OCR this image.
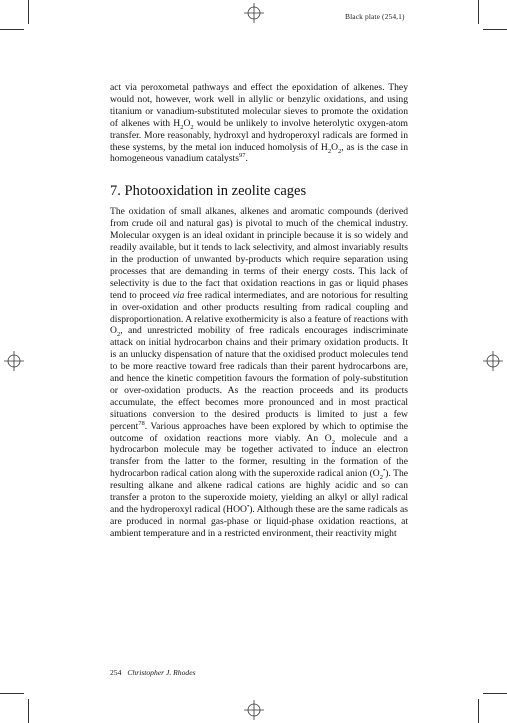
Black plate (254,1)

act via peroxometal pathways and effect the epoxidation of alkenes. They would not, however, work well in allylic or benzylic oxidations, and using titanium or vanadium-substituted molecular sieves to promote the oxidation of alkenes with $H_2O_2$ would be unlikely to involve heterolytic oxygen-atom transfer. More reasonably, hydroxyl and hydroperoxyl radicals are formed in these systems, by the metal ion induced homolysis of $H_2O_2$, as is the case in homogeneous vanadium catalysts$^{97}$.

7. Photooxidation in zeolite cages

The oxidation of small alkanes, alkenes and aromatic compounds (derived from crude oil and natural gas) is pivotal to much of the chemical industry. Molecular oxygen is an ideal oxidant in principle because it is so widely and readily available, but it tends to lack selectivity, and almost invariably results in the production of unwanted by-products which require separation using processes that are demanding in terms of their energy costs. This lack of selectivity is due to the fact that oxidation reactions in gas or liquid phases tend to proceed via free radical intermediates, and are notorious for resulting in over-oxidation and other products resulting from radical coupling and disproportionation. A relative exothermicity is also a feature of reactions with $O_2$, and unrestricted mobility of free radicals encourages indiscriminate attack on initial hydrocarbon chains and their primary oxidation products. It is an unlucky dispensation of nature that the oxidised product molecules tend to be more reactive toward free radicals than their parent hydrocarbons are, and hence the kinetic competition favours the formation of poly-substitution or over-oxidation products. As the reaction proceeds and its products accumulate, the effect becomes more pronounced and in most practical situations conversion to the desired products is limited to just a few percent$^{78}$. Various approaches have been explored by which to optimise the outcome of oxidation reactions more viably. An $O_2$ molecule and a hydrocarbon molecule may be together activated to induce an electron transfer from the latter to the former, resulting in the formation of the hydrocarbon radical cation along with the superoxide radical anion $(O_2^•)$. The resulting alkane and alkene radical cations are highly acidic and so can transfer a proton to the superoxide moiety, yielding an alkyl or allyl radical and the hydroperoxyl radical (HOO•). Although these are the same radicals as are produced in normal gas-phase or liquid-phase oxidation reactions, at ambient temperature and in a restricted environment, their reactivity might

254 Christopher J. Rhodes
